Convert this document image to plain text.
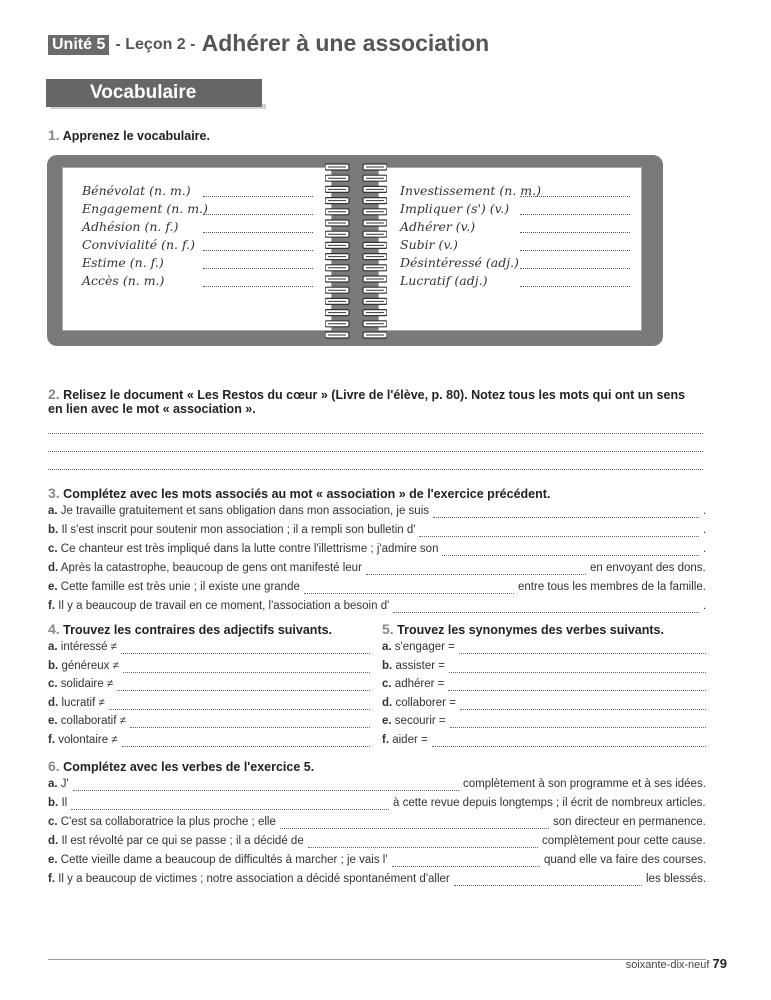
Unité 5 - Leçon 2 - Adhérer à une association
Vocabulaire
1. Apprenez le vocabulaire.
Bénévolat (n. m.)
Engagement (n. m.)
Adhésion (n. f.)
Convivialité (n. f.)
Estime (n. f.)
Accès (n. m.)
Investissement (n. m.)
Impliquer (s') (v.)
Adhérer (v.)
Subir (v.)
Désintéressé (adj.)
Lucratif (adj.)
2. Relisez le document « Les Restos du cœur » (Livre de l'élève, p. 80). Notez tous les mots qui ont un sens
en lien avec le mot « association ».
3. Complétez avec les mots associés au mot « association » de l'exercice précédent.
a. Je travaille gratuitement et sans obligation dans mon association, je suis	.
b. Il s'est inscrit pour soutenir mon association ; il a rempli son bulletin d'	.
c. Ce chanteur est très impliqué dans la lutte contre l'illettrisme ; j'admire son	.
d. Après la catastrophe, beaucoup de gens ont manifesté leur	en envoyant des dons.
e. Cette famille est très unie ; il existe une grande	entre tous les membres de la famille.
f. Il y a beaucoup de travail en ce moment, l'association a besoin d'	.
4. Trouvez les contraires des adjectifs suivants.	5. Trouvez les synonymes des verbes suivants.
a. intéressé ≠
b. généreux ≠
c. solidaire ≠
d. lucratif ≠
e. collaboratif ≠
f. volontaire ≠
a. s'engager =
b. assister =
c. adhérer =
d. collaborer =
e. secourir =
f. aider =
6. Complétez avec les verbes de l'exercice 5.
a. J'	complètement à son programme et à ses idées.
b. Il	à cette revue depuis longtemps ; il écrit de nombreux articles.
c. C'est sa collaboratrice la plus proche ; elle	son directeur en permanence.
d. Il est révolté par ce qui se passe ; il a décidé de	complètement pour cette cause.
e. Cette vieille dame a beaucoup de difficultés à marcher ; je vais l'	quand elle va faire des courses.
f. Il y a beaucoup de victimes ; notre association a décidé spontanément d'aller	les blessés.
soixante-dix-neuf 79
